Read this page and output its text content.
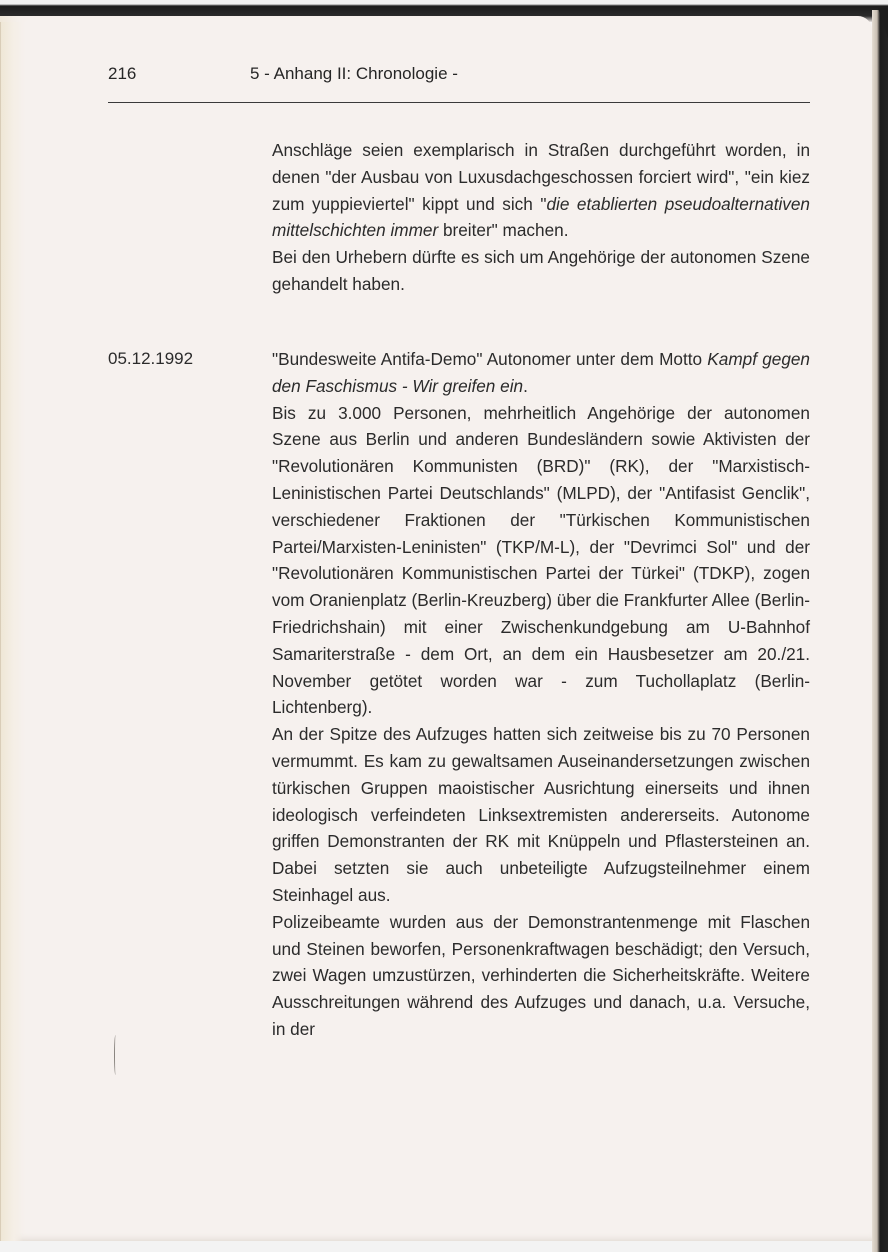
216	5 - Anhang II: Chronologie -

Anschläge seien exemplarisch in Straßen durchgeführt worden, in denen "der Ausbau von Luxusdachgeschossen forciert wird", "ein kiez zum yuppieviertel" kippt und sich "die etablierten pseudoalternativen mittelschichten immer breiter" machen.

Bei den Urhebern dürfte es sich um Angehörige der autonomen Szene gehandelt haben.

05.12.1992	"Bundesweite Antifa-Demo" Autonomer unter dem Motto Kampf gegen den Faschismus - Wir greifen ein.

Bis zu 3.000 Personen, mehrheitlich Angehörige der autonomen Szene aus Berlin und anderen Bundesländern sowie Aktivisten der "Revolutionären Kommunisten (BRD)" (RK), der "Marxistisch-Leninistischen Partei Deutschlands" (MLPD), der "Antifasist Genclik", verschiedener Fraktionen der "Türkischen Kommunistischen Partei/Marxisten-Leninisten" (TKP/M-L), der "Devrimci Sol" und der "Revolutionären Kommunistischen Partei der Türkei" (TDKP), zogen vom Oranienplatz (Berlin-Kreuzberg) über die Frankfurter Allee (Berlin-Friedrichshain) mit einer Zwischenkundgebung am U-Bahnhof Samariterstraße - dem Ort, an dem ein Hausbesetzer am 20./21. November getötet worden war - zum Tuchollaplatz (Berlin-Lichtenberg).

An der Spitze des Aufzuges hatten sich zeitweise bis zu 70 Personen vermummt. Es kam zu gewaltsamen Auseinandersetzungen zwischen türkischen Gruppen maoistischer Ausrichtung einerseits und ihnen ideologisch verfeindeten Linksextremisten andererseits. Autonome griffen Demonstranten der RK mit Knüppeln und Pflastersteinen an. Dabei setzten sie auch unbeteiligte Aufzugsteilnehmer einem Steinhagel aus.

Polizeibeamte wurden aus der Demonstrantenmenge mit Flaschen und Steinen beworfen, Personenkraftwagen beschädigt; den Versuch, zwei Wagen umzustürzen, verhinderten die Sicherheitskräfte. Weitere Ausschreitungen während des Aufzuges und danach, u.a. Versuche, in der
